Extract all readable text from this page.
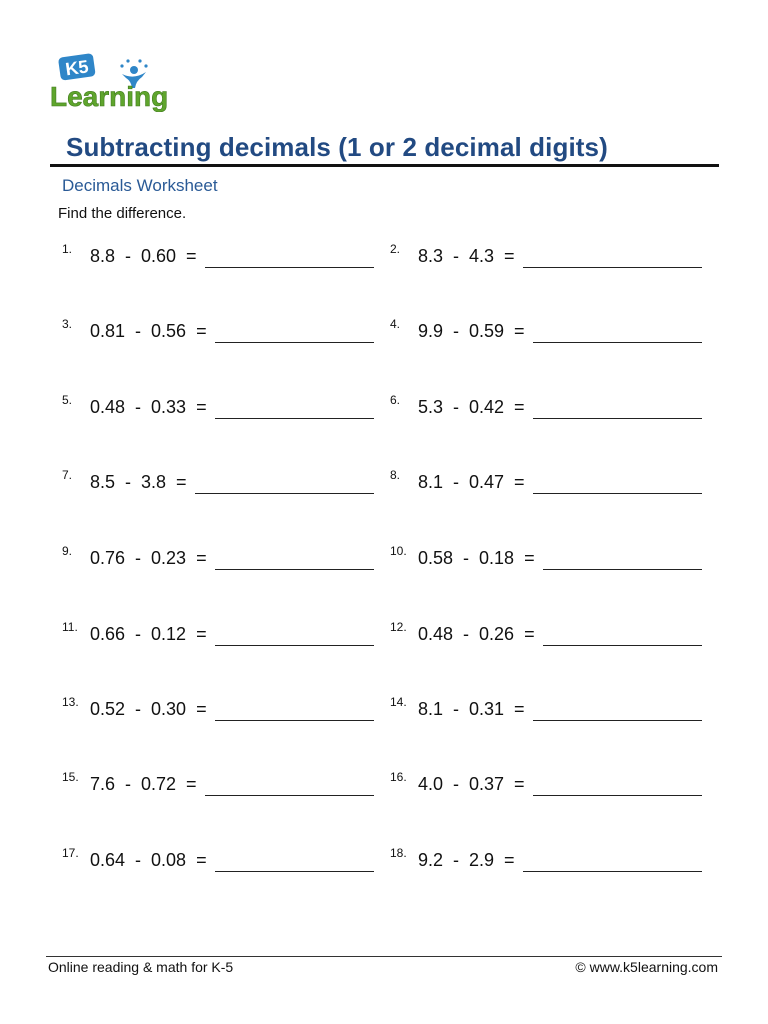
K5
Learning
Subtracting decimals (1 or 2 decimal digits)
Decimals Worksheet
Find the difference.
1. 8.8  -  0.60  =
3. 0.81  -  0.56  =
5. 0.48  -  0.33  =
7. 8.5  -  3.8  =
9. 0.76  -  0.23  =
11. 0.66  -  0.12  =
13. 0.52  -  0.30  =
15. 7.6  -  0.72  =
17. 0.64  -  0.08  =
2. 8.3  -  4.3  =
4. 9.9  -  0.59  =
6. 5.3  -  0.42  =
8. 8.1  -  0.47  =
10. 0.58  -  0.18  =
12. 0.48  -  0.26  =
14. 8.1  -  0.31  =
16. 4.0  -  0.37  =
18. 9.2  -  2.9  =
Online reading & math for K-5	© www.k5learning.com
